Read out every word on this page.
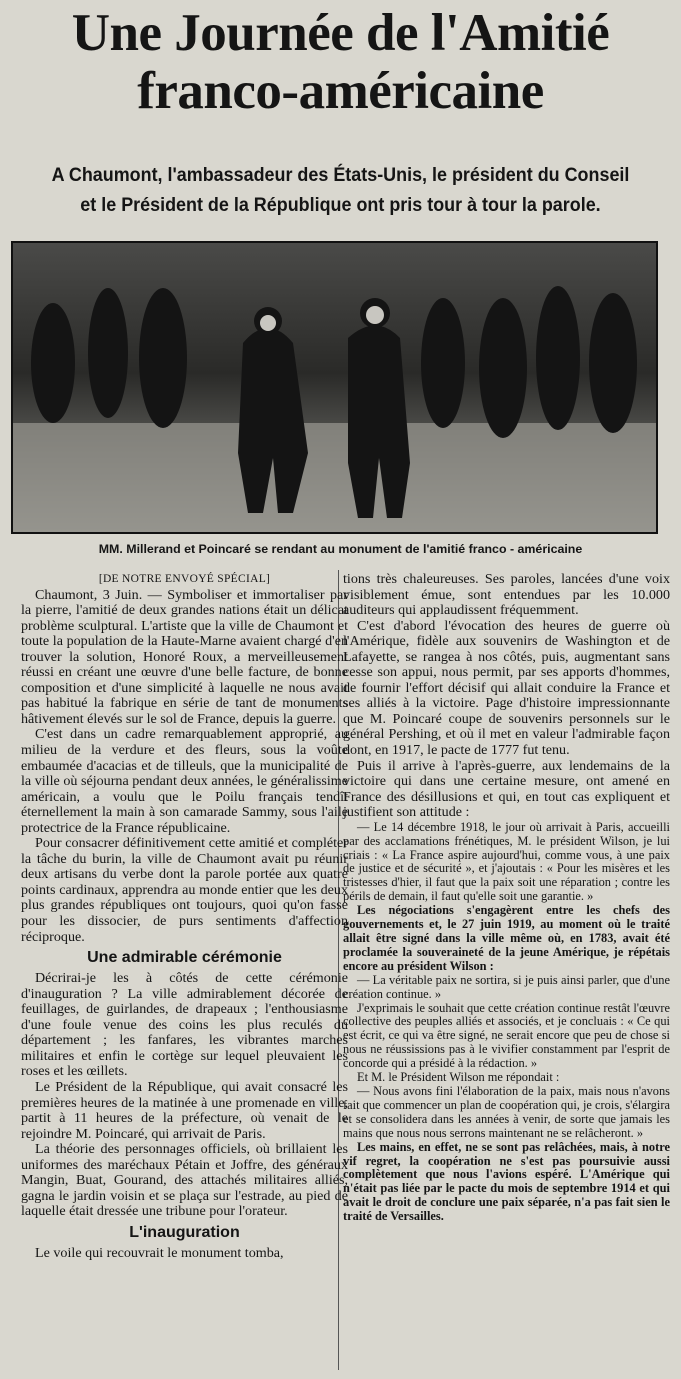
Une Journée de l'Amitié
franco-américaine
A Chaumont, l'ambassadeur des États-Unis, le président du Conseil
et le Président de la République ont pris tour à tour la parole.
MM. Millerand et Poincaré se rendant au monument de l'amitié franco - américaine

[DE NOTRE ENVOYÉ SPÉCIAL]

Chaumont, 3 Juin. — Symboliser et immortaliser par la pierre, l'amitié de deux grandes nations était un délicat problème sculptural. L'artiste que la ville de Chaumont et toute la population de la Haute-Marne avaient chargé d'en trouver la solution, Honoré Roux, a merveilleusement réussi en créant une œuvre d'une belle facture, de bonne composition et d'une simplicité à laquelle ne nous avait pas habitué la fabrique en série de tant de monuments hâtivement élevés sur le sol de France, depuis la guerre.

C'est dans un cadre remarquablement approprié, au milieu de la verdure et des fleurs, sous la voûte embaumée d'acacias et de tilleuls, que la municipalité de la ville où séjourna pendant deux années, le généralissime américain, a voulu que le Poilu français tendît éternellement la main à son camarade Sammy, sous l'aile protectrice de la France républicaine.

Pour consacrer définitivement cette amitié et compléter la tâche du burin, la ville de Chaumont avait pu réunir deux artisans du verbe dont la parole portée aux quatre points cardinaux, apprendra au monde entier que les deux plus grandes républiques ont toujours, quoi qu'on fasse pour les dissocier, de purs sentiments d'affection réciproque.

Une admirable cérémonie

Décrirai-je les à côtés de cette cérémonie d'inauguration ? La ville admirablement décorée de feuillages, de guirlandes, de drapeaux ; l'enthousiasme d'une foule venue des coins les plus reculés du département ; les fanfares, les vibrantes marches militaires et enfin le cortège sur lequel pleuvaient les roses et les œillets.

Le Président de la République, qui avait consacré les premières heures de la matinée à une promenade en ville, partit à 11 heures de la préfecture, où venait de le rejoindre M. Poincaré, qui arrivait de Paris.

La théorie des personnages officiels, où brillaient les uniformes des maréchaux Pétain et Joffre, des généraux Mangin, Buat, Gourand, des attachés militaires alliés, gagna le jardin voisin et se plaça sur l'estrade, au pied de laquelle était dressée une tribune pour l'orateur.

L'inauguration

Le voile qui recouvrait le monument tomba,

tions très chaleureuses. Ses paroles, lancées d'une voix visiblement émue, sont entendues par les 10.000 auditeurs qui applaudissent fréquemment.

C'est d'abord l'évocation des heures de guerre où l'Amérique, fidèle aux souvenirs de Washington et de Lafayette, se rangea à nos côtés, puis, augmentant sans cesse son appui, nous permit, par ses apports d'hommes, de fournir l'effort décisif qui allait conduire la France et ses alliés à la victoire. Page d'histoire impressionnante que M. Poincaré coupe de souvenirs personnels sur le général Pershing, et où il met en valeur l'admirable façon dont, en 1917, le pacte de 1777 fut tenu.

Puis il arrive à l'après-guerre, aux lendemains de la victoire qui dans une certaine mesure, ont amené en France des désillusions et qui, en tout cas expliquent et justifient son attitude :

— Le 14 décembre 1918, le jour où arrivait à Paris, accueilli par des acclamations frénétiques, M. le président Wilson, je lui criais : « La France aspire aujourd'hui, comme vous, à une paix de justice et de sécurité », et j'ajoutais : « Pour les misères et les tristesses d'hier, il faut que la paix soit une réparation ; contre les périls de demain, il faut qu'elle soit une garantie. »

Les négociations s'engagèrent entre les chefs des gouvernements et, le 27 juin 1919, au moment où le traité allait être signé dans la ville même où, en 1783, avait été proclamée la souveraineté de la jeune Amérique, je répétais encore au président Wilson :

— La véritable paix ne sortira, si je puis ainsi parler, que d'une création continue. »

J'exprimais le souhait que cette création continue restât l'œuvre collective des peuples alliés et associés, et je concluais : « Ce qui est écrit, ce qui va être signé, ne serait encore que peu de chose si nous ne réussissions pas à le vivifier constamment par l'esprit de concorde qui a présidé à la rédaction. »

Et M. le Président Wilson me répondait :

— Nous avons fini l'élaboration de la paix, mais nous n'avons fait que commencer un plan de coopération qui, je crois, s'élargira et se consolidera dans les années à venir, de sorte que jamais les mains que nous nous serrons maintenant ne se relâcheront. »

Les mains, en effet, ne se sont pas relâchées, mais, à notre vif regret, la coopération ne s'est pas poursuivie aussi complètement que nous l'avions espéré. L'Amérique qui n'était pas liée par le pacte du mois de septembre 1914 et qui avait le droit de conclure une paix séparée, n'a pas fait sien le traité de Versailles.
